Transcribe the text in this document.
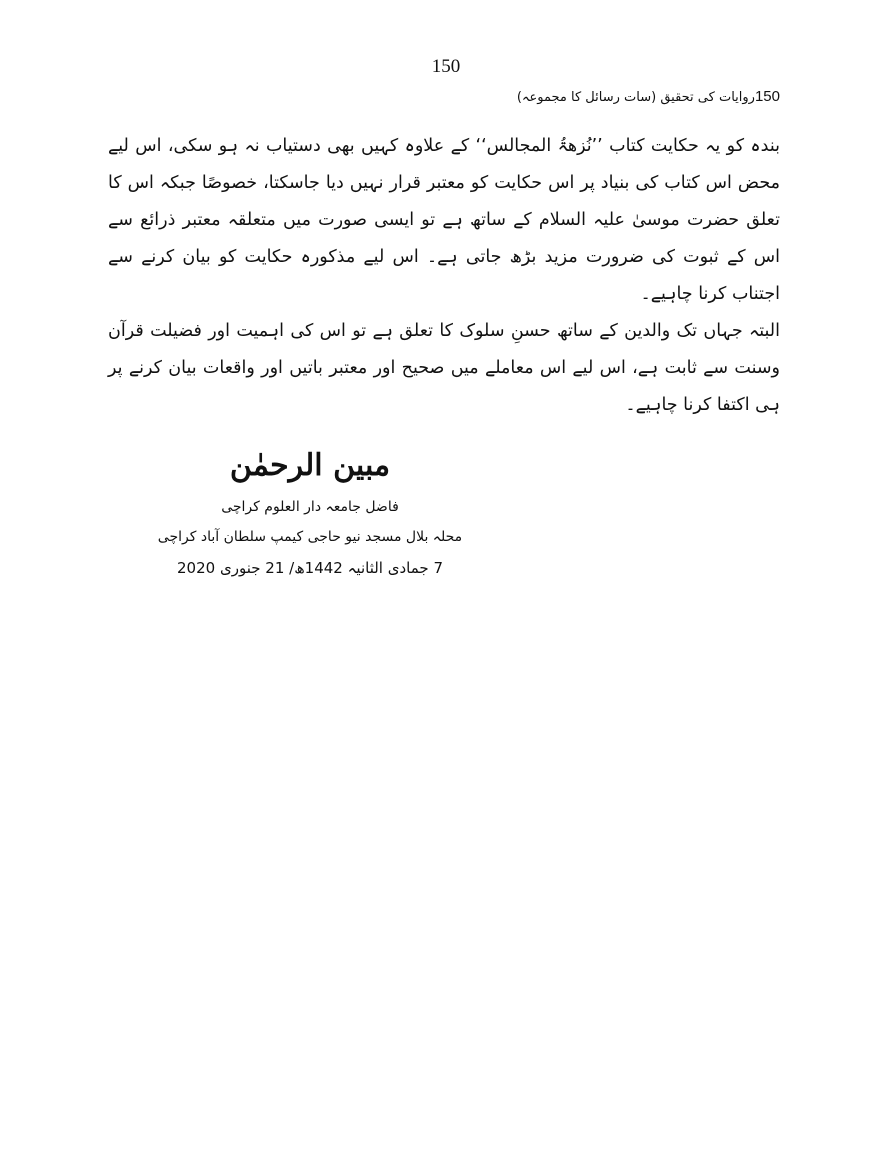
150
150روایات کی تحقیق (سات رسائل کا مجموعہ)

بندہ کو یہ حکایت کتاب ’’نُزھۃُ المجالس‘‘ کے علاوہ کہیں بھی دستیاب نہ ہو سکی، اس لیے محض اس کتاب کی بنیاد پر اس حکایت کو معتبر قرار نہیں دیا جاسکتا، خصوصًا جبکہ اس کا تعلق حضرت موسیٰ علیہ السلام کے ساتھ ہے تو ایسی صورت میں متعلقہ معتبر ذرائع سے اس کے ثبوت کی ضرورت مزید بڑھ جاتی ہے۔ اس لیے مذکورہ حکایت کو بیان کرنے سے اجتناب کرنا چاہیے۔

البتہ جہاں تک والدین کے ساتھ حسنِ سلوک کا تعلق ہے تو اس کی اہمیت اور فضیلت قرآن وسنت سے ثابت ہے، اس لیے اس معاملے میں صحیح اور معتبر باتیں اور واقعات بیان کرنے پر ہی اکتفا کرنا چاہیے۔

مبین الرحمٰن
فاضل جامعہ دار العلوم کراچی
محلہ بلال مسجد نیو حاجی کیمپ سلطان آباد کراچی
7 جمادی الثانیہ 1442ھ/ 21 جنوری 2020
